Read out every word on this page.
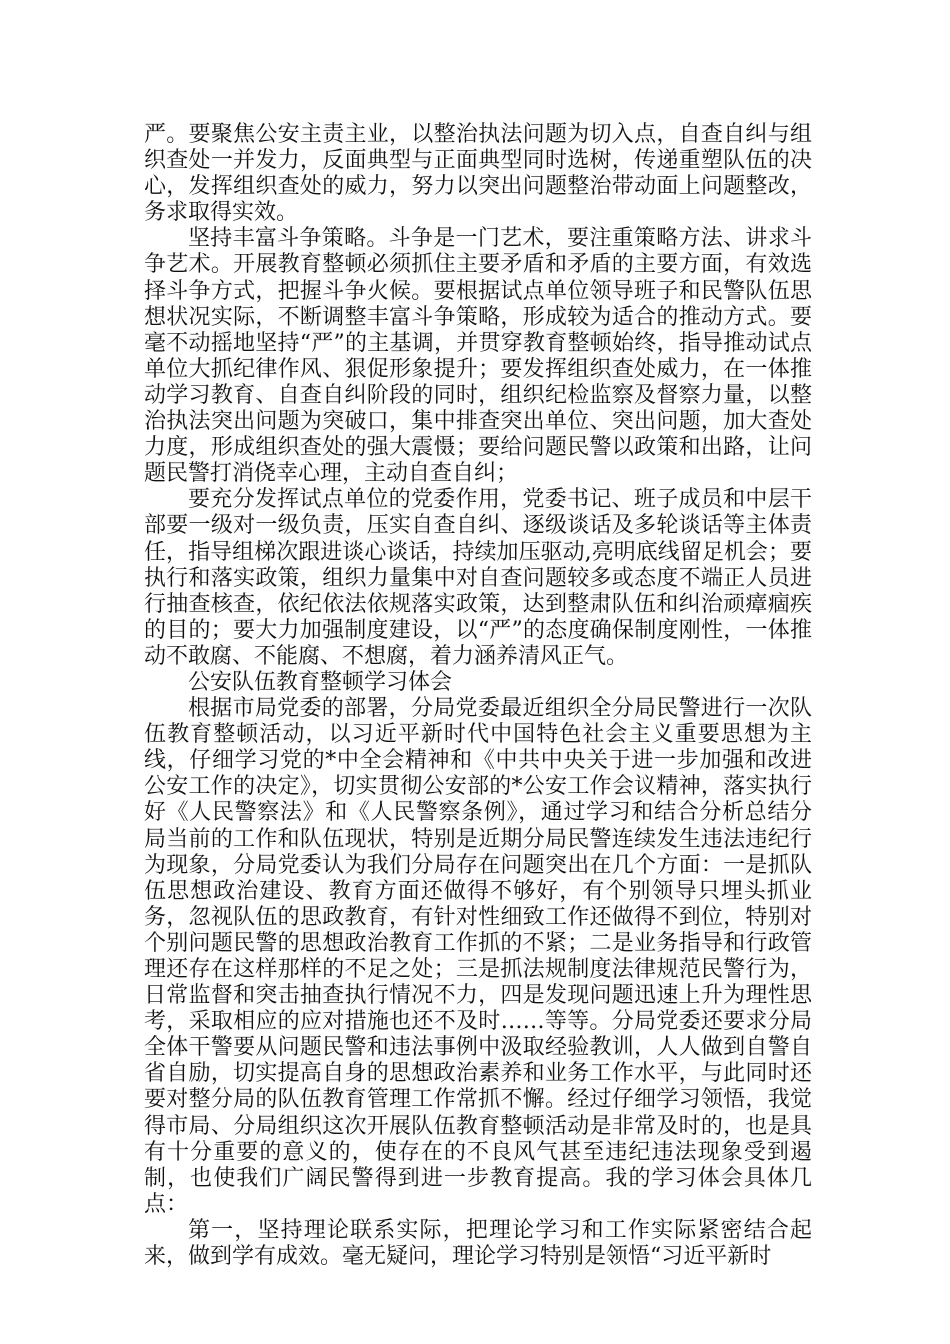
严。要聚焦公安主责主业，以整治执法问题为切入点，自查自纠与组织查处一并发力，反面典型与正面典型同时选树，传递重塑队伍的决心，发挥组织查处的威力，努力以突出问题整治带动面上问题整改，务求取得实效。

坚持丰富斗争策略。斗争是一门艺术，要注重策略方法、讲求斗争艺术。开展教育整顿必须抓住主要矛盾和矛盾的主要方面，有效选择斗争方式，把握斗争火候。要根据试点单位领导班子和民警队伍思想状况实际，不断调整丰富斗争策略，形成较为适合的推动方式。要毫不动摇地坚持“严”的主基调，并贯穿教育整顿始终，指导推动试点单位大抓纪律作风、狠促形象提升；要发挥组织查处威力，在一体推动学习教育、自查自纠阶段的同时，组织纪检监察及督察力量，以整治执法突出问题为突破口，集中排查突出单位、突出问题，加大查处力度，形成组织查处的强大震慑；要给问题民警以政策和出路，让问题民警打消侥幸心理，主动自查自纠；

要充分发挥试点单位的党委作用，党委书记、班子成员和中层干部要一级对一级负责，压实自查自纠、逐级谈话及多轮谈话等主体责任，指导组梯次跟进谈心谈话，持续加压驱动,亮明底线留足机会；要执行和落实政策，组织力量集中对自查问题较多或态度不端正人员进行抽查核查，依纪依法依规落实政策，达到整肃队伍和纠治顽瘴痼疾的目的；要大力加强制度建设，以“严”的态度确保制度刚性，一体推动不敢腐、不能腐、不想腐，着力涵养清风正气。

公安队伍教育整顿学习体会

根据市局党委的部署，分局党委最近组织全分局民警进行一次队伍教育整顿活动，以习近平新时代中国特色社会主义重要思想为主线，仔细学习党的*中全会精神和《中共中央关于进一步加强和改进公安工作的决定》，切实贯彻公安部的*公安工作会议精神，落实执行好《人民警察法》和《人民警察条例》，通过学习和结合分析总结分局当前的工作和队伍现状，特别是近期分局民警连续发生违法违纪行为现象，分局党委认为我们分局存在问题突出在几个方面：一是抓队伍思想政治建设、教育方面还做得不够好，有个别领导只埋头抓业务，忽视队伍的思政教育，有针对性细致工作还做得不到位，特别对个别问题民警的思想政治教育工作抓的不紧；二是业务指导和行政管理还存在这样那样的不足之处；三是抓法规制度法律规范民警行为，日常监督和突击抽查执行情况不力，四是发现问题迅速上升为理性思考，采取相应的应对措施也还不及时……等等。分局党委还要求分局全体干警要从问题民警和违法事例中汲取经验教训，人人做到自警自省自励，切实提高自身的思想政治素养和业务工作水平，与此同时还要对整分局的队伍教育管理工作常抓不懈。经过仔细学习领悟，我觉得市局、分局组织这次开展队伍教育整顿活动是非常及时的，也是具有十分重要的意义的，使存在的不良风气甚至违纪违法现象受到遏制，也使我们广阔民警得到进一步教育提高。我的学习体会具体几点：

第一，坚持理论联系实际，把理论学习和工作实际紧密结合起来，做到学有成效。毫无疑问，理论学习特别是领悟“习近平新时
